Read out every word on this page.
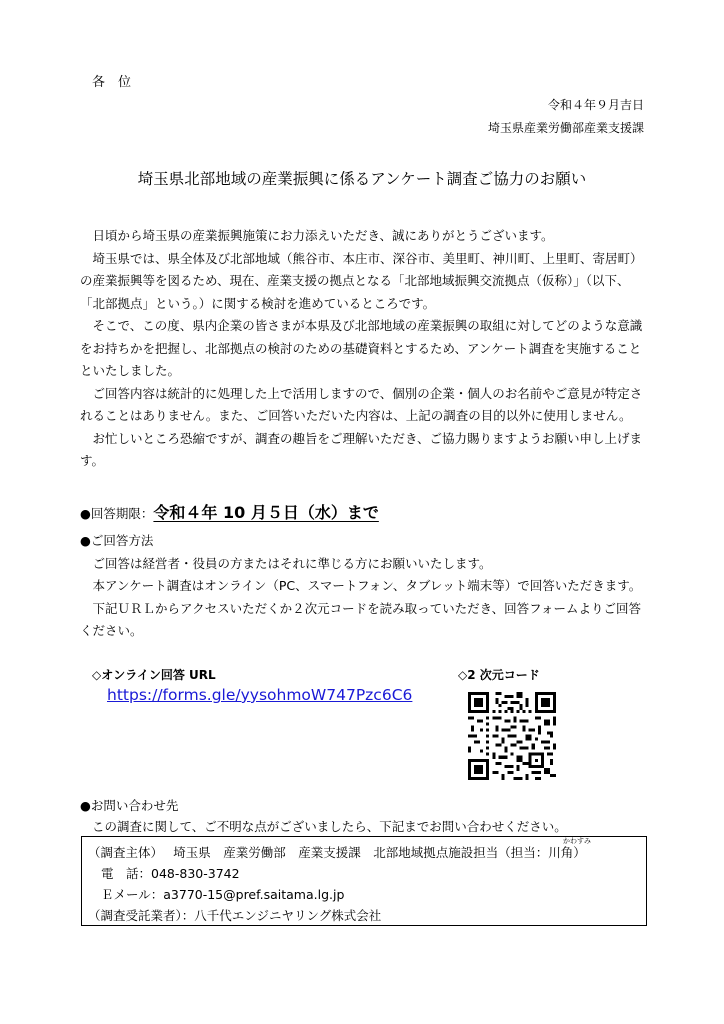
各　位
令和４年９月吉日
埼玉県産業労働部産業支援課
埼玉県北部地域の産業振興に係るアンケート調査ご協力のお願い

日頃から埼玉県の産業振興施策にお力添えいただき、誠にありがとうございます。

埼玉県では、県全体及び北部地域（熊谷市、本庄市、深谷市、美里町、神川町、上里町、寄居町）の産業振興等を図るため、現在、産業支援の拠点となる「北部地域振興交流拠点（仮称）」（以下、「北部拠点」という。）に関する検討を進めているところです。

そこで、この度、県内企業の皆さまが本県及び北部地域の産業振興の取組に対してどのような意識をお持ちかを把握し、北部拠点の検討のための基礎資料とするため、アンケート調査を実施することといたしました。

ご回答内容は統計的に処理した上で活用しますので、個別の企業・個人のお名前やご意見が特定されることはありません。また、ご回答いただいた内容は、上記の調査の目的以外に使用しません。

お忙しいところ恐縮ですが、調査の趣旨をご理解いただき、ご協力賜りますようお願い申し上げます。

●回答期限：令和４年 10 月５日（水）まで
●ご回答方法

ご回答は経営者・役員の方またはそれに準じる方にお願いいたします。

本アンケート調査はオンライン（PC、スマートフォン、タブレット端末等）で回答いただきます。

下記ＵＲＬからアクセスいただくか２次元コードを読み取っていただき、回答フォームよりご回答ください。

◇オンライン回答 URL
https://forms.gle/yysohmoW747Pzc6C6
◇2 次元コード
●お問い合わせ先
この調査に関して、ご不明な点がございましたら、下記までお問い合わせください。
（調査主体）　 埼玉県　産業労働部　産業支援課　北部地域拠点施設担当（担当：川角）
かわすみ
電　話：048-830-3742
Ｅメール：a3770-15@pref.saitama.lg.jp
（調査受託業者）：八千代エンジニヤリング株式会社
